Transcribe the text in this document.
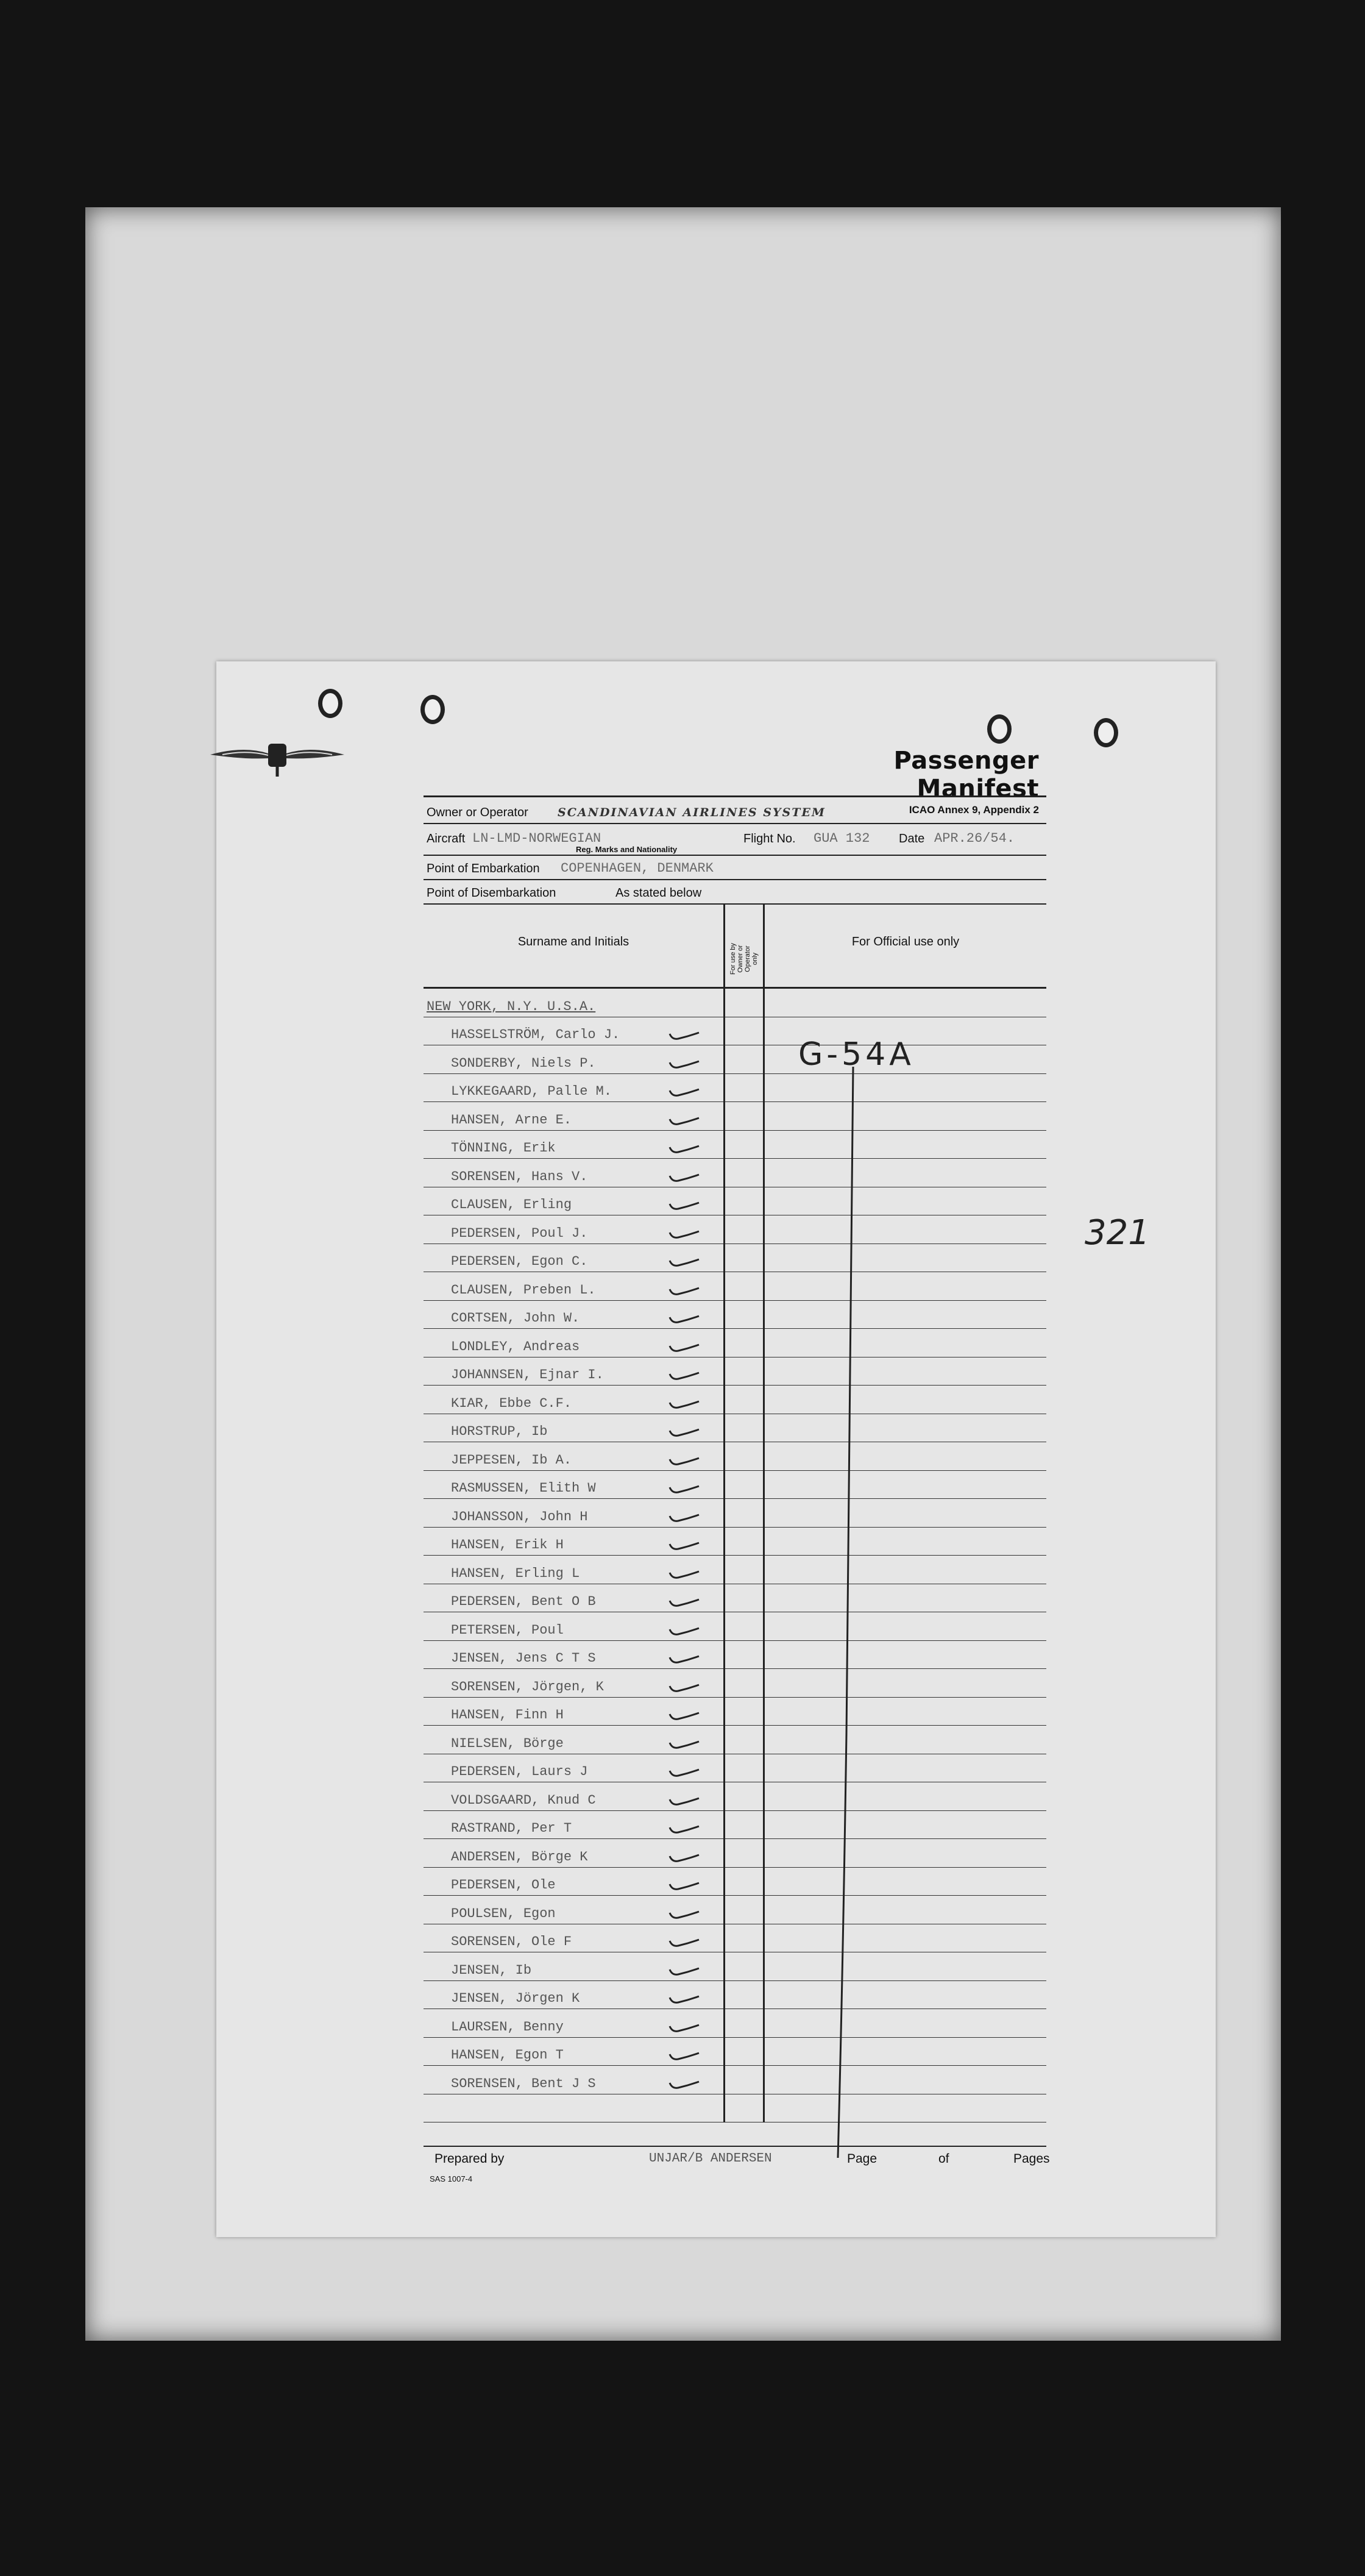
Passenger Manifest
ICAO Annex 9, Appendix 2
Owner or Operator	SCANDINAVIAN AIRLINES SYSTEM
Aircraft LN-LMD-NORWEGIAN
Reg. Marks and Nationality
Flight No. GUA 132 Date APR.26/54.
Point of Embarkation COPENHAGEN, DENMARK
Point of Disembarkation	As stated below
Surname and Initials
For use by Owner or Operator only
For Official use only
NEW YORK, N.Y. U.S.A.
HASSELSTRÖM, Carlo J.
SONDERBY, Niels P.
LYKKEGAARD, Palle M.
HANSEN, Arne E.
TÖNNING, Erik
SORENSEN, Hans V.
CLAUSEN, Erling
PEDERSEN, Poul J.
PEDERSEN, Egon C.
CLAUSEN, Preben L.
CORTSEN, John W.
LONDLEY, Andreas
JOHANNSEN, Ejnar I.
KIAR, Ebbe C.F.
HORSTRUP, Ib
JEPPESEN, Ib A.
RASMUSSEN, Elith W
JOHANSSON, John H
HANSEN, Erik H
HANSEN, Erling L
PEDERSEN, Bent O B
PETERSEN, Poul
JENSEN, Jens C T S
SORENSEN, Jörgen, K
HANSEN, Finn H
NIELSEN, Börge
PEDERSEN, Laurs J
VOLDSGAARD, Knud C
RASTRAND, Per T
ANDERSEN, Börge K
PEDERSEN, Ole
POULSEN, Egon
SORENSEN, Ole F
JENSEN, Ib
JENSEN, Jörgen K
LAURSEN, Benny
HANSEN, Egon T
SORENSEN, Bent J S
G-54A
321
Prepared by	UNJAR/B ANDERSEN	Page	of	Pages
SAS 1007-4
